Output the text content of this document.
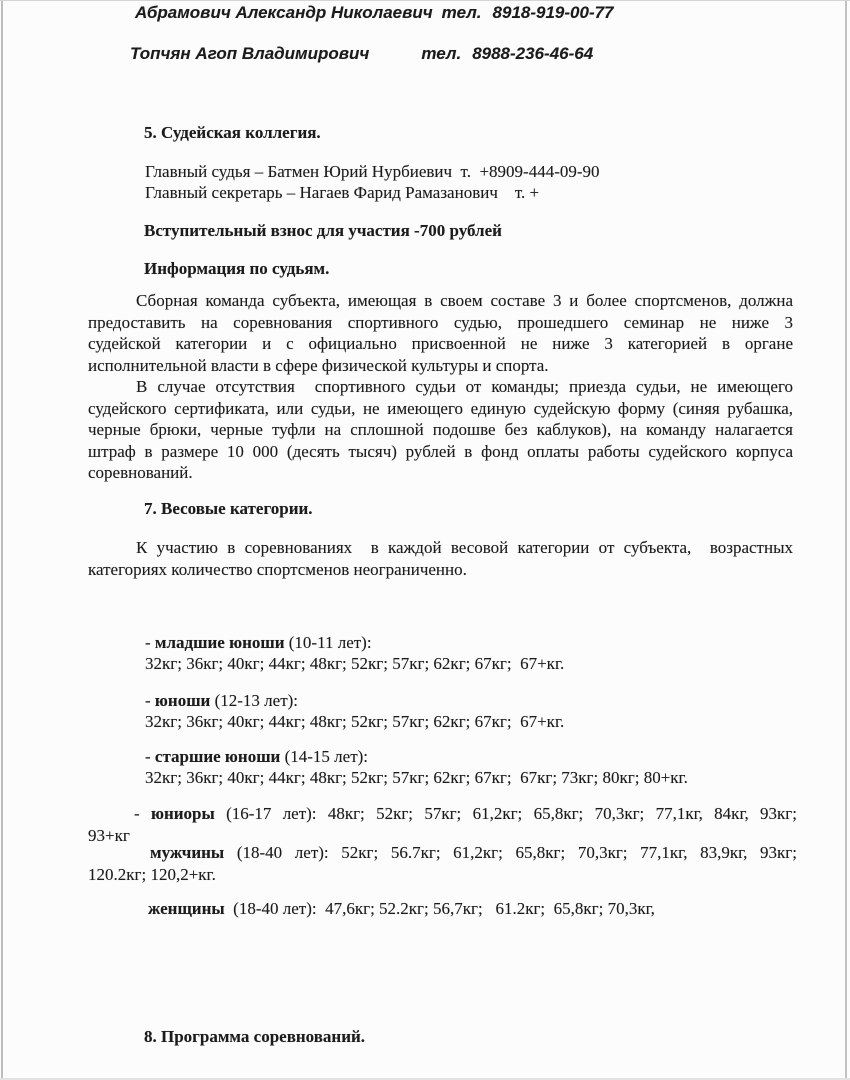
Абрамович Александр Николаевич тел. 8918-919-00-77
Топчян Агоп Владимирович	тел. 8988-236-46-64
5. Судейская коллегия.
Главный судья – Батмен Юрий Нурбиевич  т.  +8909-444-09-90
Главный секретарь – Нагаев Фарид Рамазанович    т. +
Вступительный взнос для участия -700 рублей
Информация по судьям.
Сборная команда субъекта, имеющая в своем составе 3 и более спортсменов, должна
предоставить на соревнования спортивного судью, прошедшего семинар не ниже 3
судейской категории и с официально присвоенной не ниже 3 категорией в органе
исполнительной власти в сфере физической культуры и спорта.
В случае отсутствия  спортивного судьи от команды; приезда судьи, не имеющего
судейского сертификата, или судьи, не имеющего единую судейскую форму (синяя рубашка,
черные брюки, черные туфли на сплошной подошве без каблуков), на команду налагается
штраф в размере 10 000 (десять тысяч) рублей в фонд оплаты работы судейского корпуса
соревнований.
7. Весовые категории.
К участию в соревнованиях  в каждой весовой категории от субъекта,  возрастных
категориях количество спортсменов неограниченно.
- младшие юноши (10-11 лет):
32кг; 36кг; 40кг; 44кг; 48кг; 52кг; 57кг; 62кг; 67кг;  67+кг.
- юноши (12-13 лет):
32кг; 36кг; 40кг; 44кг; 48кг; 52кг; 57кг; 62кг; 67кг;  67+кг.
- старшие юноши (14-15 лет):
32кг; 36кг; 40кг; 44кг; 48кг; 52кг; 57кг; 62кг; 67кг;  67кг; 73кг; 80кг; 80+кг.
- юниоры (16-17 лет): 48кг; 52кг; 57кг; 61,2кг; 65,8кг; 70,3кг; 77,1кг, 84кг, 93кг;
93+кг
мужчины (18-40 лет): 52кг; 56.7кг; 61,2кг; 65,8кг; 70,3кг; 77,1кг, 83,9кг, 93кг;
120.2кг; 120,2+кг.
женщины  (18-40 лет):  47,6кг; 52.2кг; 56,7кг;   61.2кг;  65,8кг; 70,3кг,
8. Программа соревнований.
